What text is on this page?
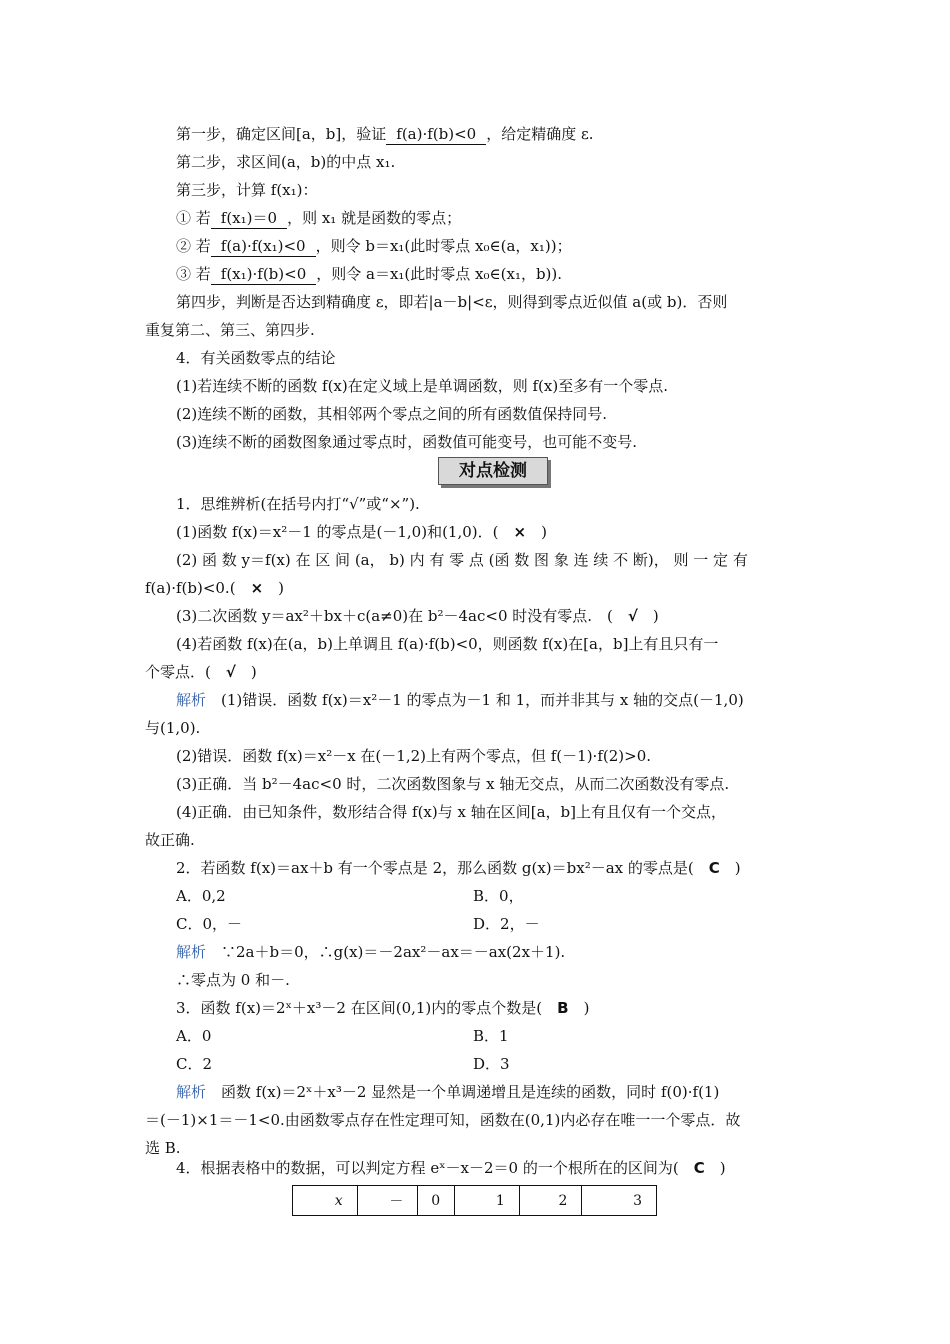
第一步，确定区间[a，b]，验证 f(a)·f(b)<0 ，给定精确度 ε.
第二步，求区间(a，b)的中点 x₁.
第三步，计算 f(x₁)：
① 若 f(x₁)＝0 ，则 x₁ 就是函数的零点；
② 若 f(a)·f(x₁)<0 ，则令 b＝x₁(此时零点 x₀∈(a，x₁))；
③ 若 f(x₁)·f(b)<0 ，则令 a＝x₁(此时零点 x₀∈(x₁，b)).
第四步，判断是否达到精确度 ε，即若|a－b|<ε，则得到零点近似值 a(或 b)．否则
重复第二、第三、第四步.
4．有关函数零点的结论
(1)若连续不断的函数 f(x)在定义域上是单调函数，则 f(x)至多有一个零点.
(2)连续不断的函数，其相邻两个零点之间的所有函数值保持同号.
(3)连续不断的函数图象通过零点时，函数值可能变号，也可能不变号.
1．思维辨析(在括号内打“√”或“×”).
(1)函数 f(x)＝x²－1 的零点是(－1,0)和(1,0)．(　×　)
(2) 函 数 y＝f(x) 在 区 间 (a， b) 内 有 零 点 (函 数 图 象 连 续 不 断)， 则 一 定 有
f(a)·f(b)<0.(　×　)
(3)二次函数 y＝ax²＋bx＋c(a≠0)在 b²－4ac<0 时没有零点.　(　√　)
(4)若函数 f(x)在(a，b)上单调且 f(a)·f(b)<0，则函数 f(x)在[a，b]上有且只有一
个零点．(　√　)
解析　(1)错误．函数 f(x)＝x²－1 的零点为－1 和 1，而并非其与 x 轴的交点(－1,0)
与(1,0).
(2)错误．函数 f(x)＝x²－x 在(－1,2)上有两个零点，但 f(－1)·f(2)>0.
(3)正确．当 b²－4ac<0 时，二次函数图象与 x 轴无交点，从而二次函数没有零点.
(4)正确．由已知条件，数形结合得 f(x)与 x 轴在区间[a，b]上有且仅有一个交点，
故正确.
2．若函数 f(x)＝ax＋b 有一个零点是 2，那么函数 g(x)＝bx²－ax 的零点是(　C　)
A．0,2	B．0，
C．0，－	D．2，－
解析　∵2a＋b＝0，∴g(x)＝－2ax²－ax＝－ax(2x＋1).
∴零点为 0 和－.
3．函数 f(x)＝2ˣ＋x³－2 在区间(0,1)内的零点个数是(　B　)
A．0	B．1
C．2	D．3
解析　函数 f(x)＝2ˣ＋x³－2 显然是一个单调递增且是连续的函数，同时 f(0)·f(1)
＝(－1)×1＝－1<0.由函数零点存在性定理可知，函数在(0,1)内必存在唯一一个零点．故
选 B.
4．根据表格中的数据，可以判定方程 eˣ－x－2＝0 的一个根所在的区间为(　C　)
对点检测
x	－	0	1	2	3
